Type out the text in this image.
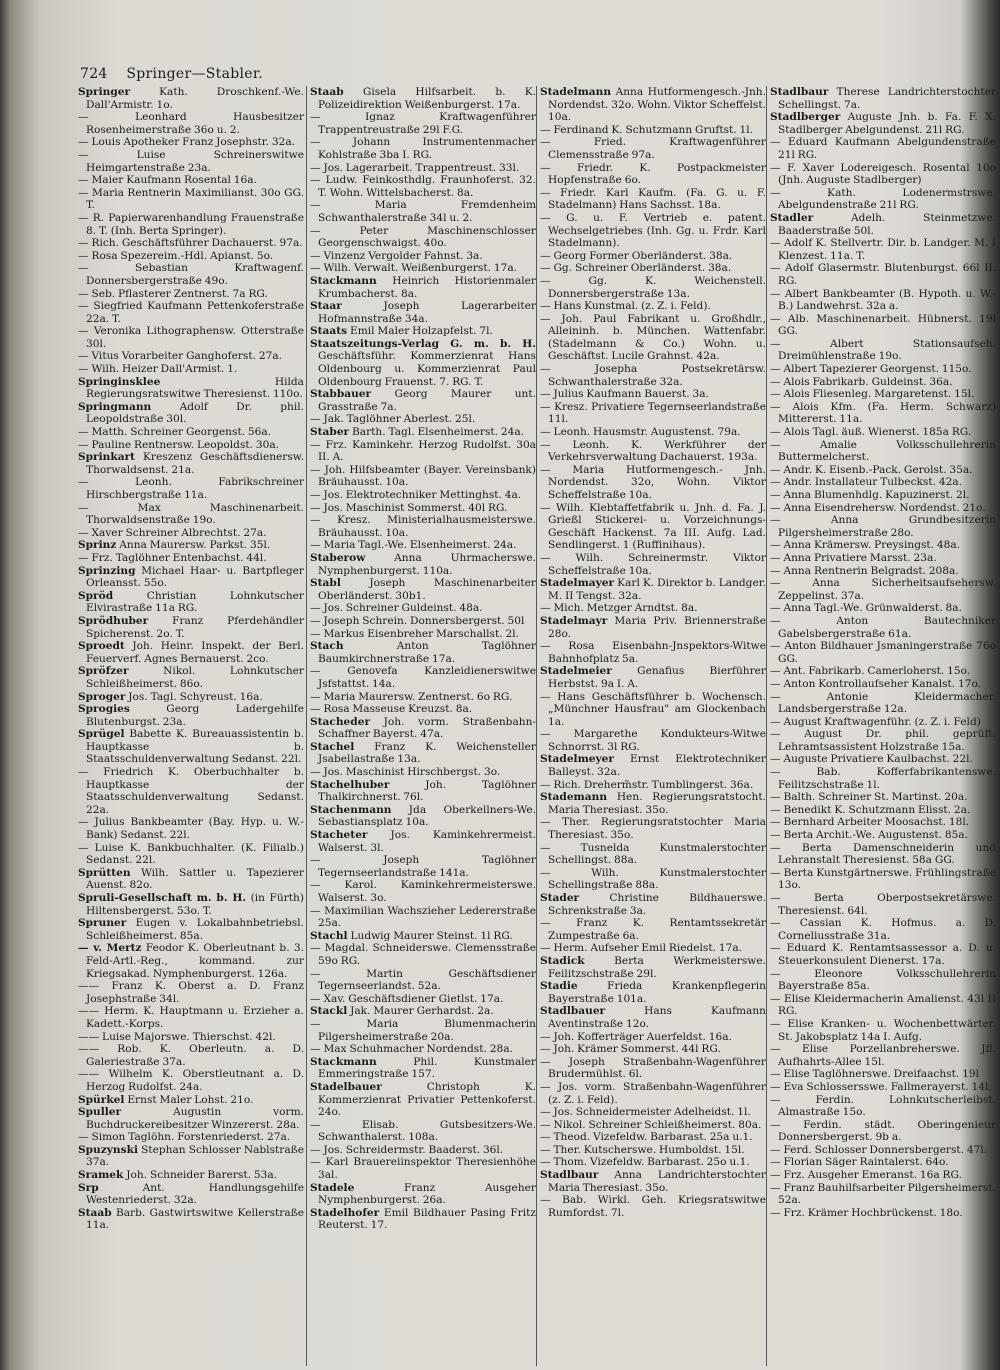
724 Springer—Stabler.
Springer Kath. Droschkenf.-We. Dall'Armistr. 1o.
— Leonhard Hausbesitzer Rosenheimerstraße 36o u. 2.
— Louis Apotheker Franz Josephstr. 32a.
— Luise Schreinerswitwe Heimgartenstraße 23a.
— Maier Kaufmann Rosental 16a.
— Maria Rentnerin Maximilianst. 30o GG. T.
— R. Papierwarenhandlung Frauenstraße 8. T. (Inh. Berta Springer).
— Rich. Geschäftsführer Dachauerst. 97a.
— Rosa Spezereim.-Hdl. Apianst. 5o.
— Sebastian Kraftwagenf. Donnersbergerstraße 49o.
— Seb. Pflasterer Zentnerst. 7a RG.
— Siegfried Kaufmann Pettenkoferstraße 22a. T.
— Veronika Lithographensw. Otterstraße 30l.
— Vitus Vorarbeiter Ganghoferst. 27a.
— Wilh. Heizer Dall'Armist. 1.
Springinsklee Hilda Regierungsratswitwe Theresienst. 110o.
Springmann Adolf Dr. phil. Leopoldstraße 30l.
— Matth. Schreiner Georgenst. 56a.
— Pauline Rentnersw. Leopoldst. 30a.
Sprinkart Kreszenz Geschäftsdienersw. Thorwaldsenst. 21a.
— Leonh. Fabrikschreiner Hirschbergstraße 11a.
— Max Maschinenarbeit. Thorwaldsenstraße 19o.
— Xaver Schreiner Albrechtst. 27a.
Sprinz Anna Maurersw. Parkst. 35l.
— Frz. Taglöhner Entenbachst. 44l.
Sprinzing Michael Haar- u. Bartpfleger Orleansst. 55o.
Spröd Christian Lohnkutscher Elvirastraße 11a RG.
Sprödhuber Franz Pferdehändler Spicherenst. 2o. T.
Sproedt Joh. Heinr. Inspekt. der Berl. Feuerverf. Agnes Bernauerst. 2co.
Spröfzer Nikol. Lohnkutscher Schleißheimerst. 86o.
Sproger Jos. Tagl. Schyreust. 16a.
Sprogies Georg Ladergehilfe Blutenburgst. 23a.
Sprügel Babette K. Bureauassistentin b. Hauptkasse b. Staatsschuldenverwaltung Sedanst. 22l.
— Friedrich K. Oberbuchhalter b. Hauptkasse der Staatsschuldenverwaltung Sedanst. 22a.
— Julius Bankbeamter (Bay. Hyp. u. W.-Bank) Sedanst. 22l.
— Luise K. Bankbuchhalter. (K. Filialb.) Sedanst. 22l.
Sprütten Wilh. Sattler u. Tapezierer Auenst. 82o.
Spruli-Gesellschaft m. b. H. (in Fürth) Hiltensbergerst. 53o. T.
Spruner Eugen v. Lokalbahnbetriebsl. Schleißheimerst. 85a.
— v. Mertz Feodor K. Oberleutnant b. 3. Feld-Artl.-Reg., kommand. zur Kriegsakad. Nymphenburgerst. 126a.
—— Franz K. Oberst a. D. Franz Josephstraße 34l.
—— Herm. K. Hauptmann u. Erzieher a. Kadett.-Korps.
—— Luise Majorswe. Thierschst. 42l.
—— Rob. K. Oberleutn. a. D. Galeriestraße 37a.
—— Wilhelm K. Oberstleutnant a. D. Herzog Rudolfst. 24a.
Spürkel Ernst Maler Lohst. 21o.
Spuller Augustin vorm. Buchdruckereibesitzer Winzererst. 28a.
— Simon Taglöhn. Forstenriederst. 27a.
Spuzynski Stephan Schlosser Nablstraße 37a.
Sramek Joh. Schneider Barerst. 53a.
Srp Ant. Handlungsgehilfe Westenriederst. 32a.
Staab Barb. Gastwirtswitwe Kellerstraße 11a.
Staab Gisela Hilfsarbeit. b. K. Polizeidirektion Weißenburgerst. 17a.
— Ignaz Kraftwagenführer Trappentreustraße 29l F.G.
— Johann Instrumentenmacher Kohlstraße 3ba I. RG.
— Jos. Lagerarbeit. Trappentreust. 33l.
— Ludw. Feinkosthdlg. Fraunhoferst. 32. T. Wohn. Wittelsbacherst. 8a.
— Maria Fremdenheim Schwanthalerstraße 34l u. 2.
— Peter Maschinenschlosser Georgenschwaigst. 40o.
— Vinzenz Vergolder Fahnst. 3a.
— Wilh. Verwalt. Weißenburgerst. 17a.
Stackmann Heinrich Historienmaler Krumbacherst. 8a.
Staar Joseph Lagerarbeiter Hofmannstraße 34a.
Staats Emil Maler Holzapfelst. 7l.
Staatszeitungs-Verlag G. m. b. H. Geschäftsführ. Kommerzienrat Hans Oldenbourg u. Kommerzienrat Paul Oldenbourg Frauenst. 7. RG. T.
Stabbauer Georg Maurer unt. Grasstraße 7a.
— Jak. Taglöhner Aberlest. 25l.
Staber Barth. Tagl. Elsenheimerst. 24a.
— Frz. Kaminkehr. Herzog Rudolfst. 30a II. A.
— Joh. Hilfsbeamter (Bayer. Vereinsbank) Bräuhausst. 10a.
— Jos. Elektrotechniker Mettinghst. 4a.
— Jos. Maschinist Sommerst. 40l RG.
— Kresz. Ministerialhausmeisterswe. Bräuhausst. 10a.
— Maria Tagl.-We. Elsenheimerst. 24a.
Staberow Anna Uhrmacherswe. Nymphenburgerst. 110a.
Stabl Joseph Maschinenarbeiter Oberländerst. 30b1.
— Jos. Schreiner Guldeinst. 48a.
— Joseph Schrein. Donnersbergerst. 50l
— Markus Eisenbreher Marschallst. 2l.
Stach Anton Taglöhner Baumkirchnerstraße 17a.
— Genovefa Kanzleidienerswitwe Jsfstattst. 14a.
— Maria Maurersw. Zentnerst. 6o RG.
— Rosa Masseuse Kreuzst. 8a.
Stacheder Joh. vorm. Straßenbahn-Schaffner Bayerst. 47a.
Stachel Franz K. Weichensteller Jsabellastraße 13a.
— Jos. Maschinist Hirschbergst. 3o.
Stachelhuber Joh. Taglöhner Thalkirchnerst. 76l.
Stachenmann Jda Oberkellners-We. Sebastiansplatz 10a.
Stacheter Jos. Kaminkehrermeist. Walserst. 3l.
— Joseph Taglöhner Tegernseerlandstraße 141a.
— Karol. Kaminkehrermeisterswe. Walserst. 3o.
— Maximilian Wachszieher Ledererstraße 25a.
Stachl Ludwig Maurer Steinst. 1l RG.
— Magdal. Schneiderswe. Clemensstraße 59o RG.
— Martin Geschäftsdiener Tegernseerlandst. 52a.
— Xav. Geschäftsdiener Gietlst. 17a.
Stackl Jak. Maurer Gerhardst. 2a.
— Maria Blumenmacherin Pilgersheimerstraße 20a.
— Max Schuhmacher Nordendst. 28a.
Stackmann Phil. Kunstmaler Emmeringstraße 157.
Stadelbauer Christoph K. Kommerzienrat Privatier Pettenkoferst. 24o.
— Elisab. Gutsbesitzers-We. Schwanthalerst. 108a.
— Jos. Schreidermstr. Baaderst. 36l.
— Karl Brauereiinspektor Theresienhöhe 3al.
Stadele Franz Ausgeher Nymphenburgerst. 26a.
Stadelhofer Emil Bildhauer Pasing Fritz Reuterst. 17.
Stadelmann Anna Hutformengesch.-Jnh. Nordendst. 32o. Wohn. Viktor Scheffelst. 10a.
— Ferdinand K. Schutzmann Gruftst. 1l.
— Fried. Kraftwagenführer Clemensstraße 97a.
— Friedr. K. Postpackmeister Hopfenstraße 6o.
— Friedr. Karl Kaufm. (Fa. G. u. F. Stadelmann) Hans Sachsst. 18a.
— G. u. F. Vertrieb e. patent. Wechselgetriebes (Inh. Gg. u. Frdr. Karl Stadelmann).
— Georg Former Oberländerst. 38a.
— Gg. Schreiner Oberländerst. 38a.
— Gg. K. Weichenstell. Donnersbergerstraße 13a.
— Hans Kunstmal. (z. Z. i. Feld).
— Joh. Paul Fabrikant u. Großhdlr., Alleininh. b. München. Wattenfabr. (Stadelmann & Co.) Wohn. u. Geschäftst. Lucile Grahnst. 42a.
— Josepha Postsekretärsw. Schwanthalerstraße 32a.
— Julius Kaufmann Bauerst. 3a.
— Kresz. Privatiere Tegernseerlandstraße 11l.
— Leonh. Hausmstr. Augustenst. 79a.
— Leonh. K. Werkführer der Verkehrsverwaltung Dachauerst. 193a.
— Maria Hutformengesch.- Jnh. Nordendst. 32o, Wohn. Viktor Scheffelstraße 10a.
— Wilh. Klebtaffetfabrik u. Jnh. d. Fa. J. Grießl Stickerei- u. Vorzeichnungs-Geschäft Hackenst. 7a III. Aufg. Lad. Sendlingerst. 1 (Ruffinihaus).
— Wilh. Schreinermstr. Viktor Scheffelstraße 10a.
Stadelmayer Karl K. Direktor b. Landger. M. II Tengst. 32a.
— Mich. Metzger Arndtst. 8a.
Stadelmayr Maria Priv. Briennerstraße 28o.
— Rosa Eisenbahn-Jnspektors-Witwe Bahnhofplatz 5a.
Stadelmeier Genafius Bierführer Herbstst. 9a I. A.
— Hans Geschäftsführer b. Wochensch. „Münchner Hausfrau" am Glockenbach 1a.
— Margarethe Kondukteurs-Witwe Schnorrst. 3l RG.
Stadelmeyer Ernst Elektrotechniker Balleyst. 32a.
— Rich. Dreherm̃str. Tumblingerst. 36a.
Stademann Hen. Regierungsratstocht. Maria Theresiast. 35o.
— Ther. Regierungsratstochter Maria Theresiast. 35o.
— Tusnelda Kunstmalerstochter Schellingst. 88a.
— Wilh. Kunstmalerstochter Schellingstraße 88a.
Stader Christine Bildhauerswe. Schrenkstraße 3a.
— Franz K. Rentamtssekretär Zumpestraße 6a.
— Herm. Aufseher Emil Riedelst. 17a.
Stadick Berta Werkmeisterswe. Feilitzschstraße 29l.
Stadie Frieda Krankenpflegerin Bayerstraße 101a.
Stadlbauer Hans Kaufmann Aventinstraße 12o.
— Joh. Kofferträger Auerfeldst. 16a.
— Joh. Krämer Sommerst. 44l RG.
— Joseph Straßenbahn-Wagenführer Brudermühlst. 6l.
— Jos. vorm. Straßenbahn-Wagenführer (z. Z. i. Feld).
— Jos. Schneidermeister Adelheidst. 1l.
— Nikol. Schreiner Schleißheimerst. 80a.
— Theod. Vizefeldw. Barbarast. 25a u.1.
— Ther. Kutscherswe. Humboldst. 15l.
— Thom. Vizefeldw. Barbarast. 25o u.1.
Stadlbaur Anna Landrichterstochter Maria Theresiast. 35o.
— Bab. Wirkl. Geh. Kriegsratswitwe Rumfordst. 7l.
Stadlbaur Therese Landrichterstochter Schellingst. 7a.
Stadlberger Auguste Jnh. b. Fa. F. X. Stadlberger Abelgundenst. 21l RG.
— Eduard Kaufmann Abelgundenstraße 21l RG.
— F. Xaver Lodereigesch. Rosental 10o (Jnh. Auguste Stadlberger)
— Kath. Lodenermstrswe. Abelgundenstraße 21l RG.
Stadler Adelh. Steinmetzwe. Baaderstraße 50l.
— Adolf K. Stellvertr. Dir. b. Landger. M. I Klenzest. 11a. T.
— Adolf Glasermstr. Blutenburgst. 66l II. RG.
— Albert Bankbeamter (B. Hypoth. u. W.-B.) Landwehrst. 32a a.
— Alb. Maschinenarbeit. Hübnerst. 19l GG.
— Albert Stationsaufseh. Dreimühlenstraße 19o.
— Albert Tapezierer Georgenst. 115o.
— Alois Fabrikarb. Guldeinst. 36a.
— Alois Fliesenleg. Margaretenst. 15l.
— Alois Kfm. (Fa. Herm. Schwarz) Mittererst. 11a.
— Alois Tagl. äuß. Wienerst. 185a RG.
— Amalie Volksschullehrerin Buttermelcherst.
— Andr. K. Eisenb.-Pack. Gerolst. 35a.
— Andr. Installateur Tulbeckst. 42a.
— Anna Blumenhdlg. Kapuzinerst. 2l.
— Anna Eisendrehersw. Nordendst. 21o.
— Anna Grundbesitzerin Pilgersheimerstraße 28o.
— Anna Krämersw. Preysingst. 48a.
— Anna Privatiere Marsst. 23a.
— Anna Rentnerin Belgradst. 208a.
— Anna Sicherheitsaufsehersw. Zeppelinst. 37a.
— Anna Tagl.-We. Grünwalderst. 8a.
— Anton Bautechniker Gabelsbergerstraße 61a.
— Anton Bildhauer Jsmaningerstraße 76o GG.
— Ant. Fabrikarb. Camerloherst. 15o.
— Anton Kontrollaufseher Kanalst. 17o.
— Antonie Kleidermacher. Landsbergerstraße 12a.
— August Kraftwagenführ. (z. Z. i. Feld)
— August Dr. phil. geprüft. Lehramtsassistent Holzstraße 15a.
— Auguste Privatiere Kaulbachst. 22l.
— Bab. Kofferfabrikantenswe. Feilitzschstraße 1l.
— Balth. Schreiner St. Martinst. 20a.
— Benedikt K. Schutzmann Elisst. 2a.
— Bernhard Arbeiter Moosachst. 18l.
— Berta Archit.-We. Augustenst. 85a.
— Berta Damenschneiderin und Lehranstalt Theresienst. 58a GG.
— Berta Kunstgärtnerswe. Frühlingstraße 13o.
— Berta Oberpostsekretärswe. Theresienst. 64l.
— Cassian K. Hofmus. a. D. Corneliusstraße 31a.
— Eduard K. Rentamtsassessor a. D. u. Steuerkonsulent Dienerst. 17a.
— Eleonore Volksschullehrerin Bayerstraße 85a.
— Elise Kleidermacherin Amalienst. 43l II RG.
— Elise Kranken- u. Wochenbettwärter. St. Jakobsplatz 14a I. Aufg.
— Elise Porzellanbreherswe. Jfl. Aufhahrts-Allee 15l.
— Elise Taglöhnerswe. Dreifaachst. 19l
— Eva Schlossersswe. Fallmerayerst. 14l.
— Ferdin. Lohnkutscherleibst. Almastraße 15o.
— Ferdin. städt. Oberingenieur Donnersbergerst. 9b a.
— Ferd. Schlosser Donnersbergerst. 47l.
— Florian Säger Raintalerst. 64o.
— Frz. Ausgeher Emeranst. 16a RG.
— Franz Bauhilfsarbeiter Pilgersheimerst. 52a.
— Frz. Krämer Hochbrückenst. 18o.
